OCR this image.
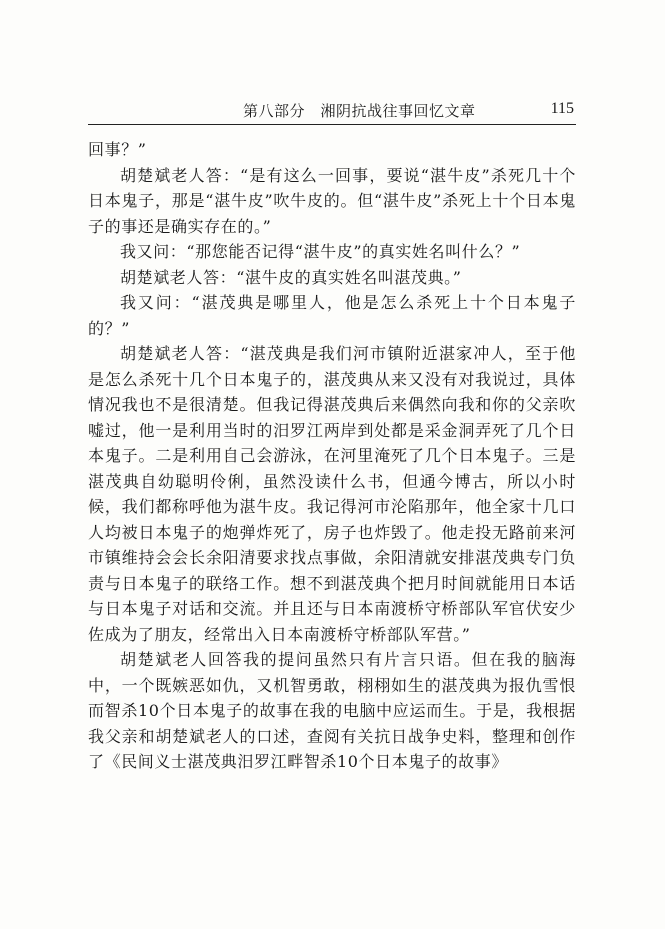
第八部分　湘阴抗战往事回忆文章	115

回事？”

胡楚斌老人答：“是有这么一回事，要说“湛牛皮”杀死几十个日本鬼子，那是“湛牛皮”吹牛皮的。但“湛牛皮”杀死上十个日本鬼子的事还是确实存在的。”

我又问：“那您能否记得“湛牛皮”的真实姓名叫什么？”

胡楚斌老人答：“湛牛皮的真实姓名叫湛茂典。”

我又问：“湛茂典是哪里人，他是怎么杀死上十个日本鬼子的？”

胡楚斌老人答：“湛茂典是我们河市镇附近湛家冲人，至于他是怎么杀死十几个日本鬼子的，湛茂典从来又没有对我说过，具体情况我也不是很清楚。但我记得湛茂典后来偶然向我和你的父亲吹嘘过，他一是利用当时的汨罗江两岸到处都是采金洞弄死了几个日本鬼子。二是利用自己会游泳，在河里淹死了几个日本鬼子。三是湛茂典自幼聪明伶俐，虽然没读什么书，但通今博古，所以小时候，我们都称呼他为湛牛皮。我记得河市沦陷那年，他全家十几口人均被日本鬼子的炮弹炸死了，房子也炸毁了。他走投无路前来河市镇维持会会长余阳清要求找点事做，余阳清就安排湛茂典专门负责与日本鬼子的联络工作。想不到湛茂典个把月时间就能用日本话与日本鬼子对话和交流。并且还与日本南渡桥守桥部队军官伏安少佐成为了朋友，经常出入日本南渡桥守桥部队军营。”

胡楚斌老人回答我的提问虽然只有片言只语。但在我的脑海中，一个既嫉恶如仇，又机智勇敢，栩栩如生的湛茂典为报仇雪恨而智杀10个日本鬼子的故事在我的电脑中应运而生。于是，我根据我父亲和胡楚斌老人的口述，查阅有关抗日战争史料，整理和创作了《民间义士湛茂典汨罗江畔智杀10个日本鬼子的故事》
